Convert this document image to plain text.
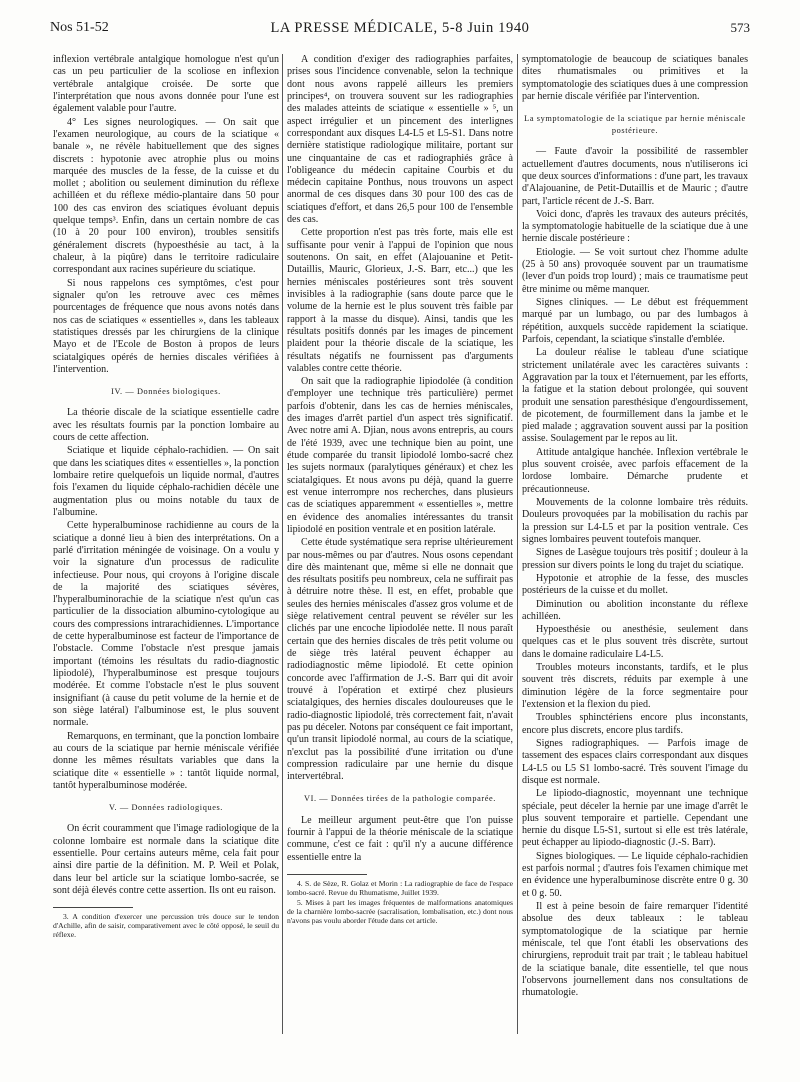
Nos 51-52	LA PRESSE MÉDICALE, 5-8 Juin 1940	573

inflexion vertébrale antalgique homologue n'est qu'un cas un peu particulier de la scoliose en inflexion vertébrale antalgique croisée. De sorte que l'interprétation que nous avons donnée pour l'une est également valable pour l'autre.

4° Les signes neurologiques. — On sait que l'examen neurologique, au cours de la sciatique « banale », ne révèle habituellement que des signes discrets : hypotonie avec atrophie plus ou moins marquée des muscles de la fesse, de la cuisse et du mollet ; abolition ou seulement diminution du réflexe achilléen et du réflexe médio-plantaire dans 50 pour 100 des cas environ des sciatiques évoluant depuis quelque temps³. Enfin, dans un certain nombre de cas (10 à 20 pour 100 environ), troubles sensitifs généralement discrets (hypoesthésie au tact, à la chaleur, à la piqûre) dans le territoire radiculaire correspondant aux racines supérieure du sciatique.

Si nous rappelons ces symptômes, c'est pour signaler qu'on les retrouve avec ces mêmes pourcentages de fréquence que nous avons notés dans nos cas de sciatiques « essentielles », dans les tableaux statistiques dressés par les chirurgiens de la clinique Mayo et de l'Ecole de Boston à propos de leurs sciatalgiques opérés de hernies discales vérifiées à l'intervention.

IV. — Données biologiques.

La théorie discale de la sciatique essentielle cadre avec les résultats fournis par la ponction lombaire au cours de cette affection.

Sciatique et liquide céphalo-rachidien. — On sait que dans les sciatiques dites « essentielles », la ponction lombaire retire quelquefois un liquide normal, d'autres fois l'examen du liquide céphalo-rachidien décèle une augmentation plus ou moins notable du taux de l'albumine.

Cette hyperalbuminose rachidienne au cours de la sciatique a donné lieu à bien des interprétations. On a parlé d'irritation méningée de voisinage. On a voulu y voir la signature d'un processus de radiculite infectieuse. Pour nous, qui croyons à l'origine discale de la majorité des sciatiques sévères, l'hyperalbuminorachie de la sciatique n'est qu'un cas particulier de la dissociation albumino-cytologique au cours des compressions intrarachidiennes. L'importance de cette hyperalbuminose est facteur de l'importance de l'obstacle. Comme l'obstacle n'est presque jamais important (témoins les résultats du radio-diagnostic lipiodolé), l'hyperalbuminose est presque toujours modérée. Et comme l'obstacle n'est le plus souvent insignifiant (à cause du petit volume de la hernie et de son siège latéral) l'albuminose est, le plus souvent normale.

Remarquons, en terminant, que la ponction lombaire au cours de la sciatique par hernie méniscale vérifiée donne les mêmes résultats variables que dans la sciatique dite « essentielle » : tantôt liquide normal, tantôt hyperalbuminose modérée.

V. — Données radiologiques.

On écrit couramment que l'image radiologique de la colonne lombaire est normale dans la sciatique dite essentielle. Pour certains auteurs même, cela fait pour ainsi dire partie de la définition. M. P. Weil et Polak, dans leur bel article sur la sciatique lombo-sacrée, se sont déjà élevés contre cette assertion. Ils ont eu raison.

3. A condition d'exercer une percussion très douce sur le tendon d'Achille, afin de saisir, comparativement avec le côté opposé, le seuil du réflexe.

A condition d'exiger des radiographies parfaites, prises sous l'incidence convenable, selon la technique dont nous avons rappelé ailleurs les premiers principes⁴, on trouvera souvent sur les radiographies des malades atteints de sciatique « essentielle » ⁵, un aspect irrégulier et un pincement des interlignes correspondant aux disques L4-L5 et L5-S1. Dans notre dernière statistique radiologique militaire, portant sur une cinquantaine de cas et radiographiés grâce à l'obligeance du médecin capitaine Courbis et du médecin capitaine Ponthus, nous trouvons un aspect anormal de ces disques dans 30 pour 100 des cas de sciatiques d'effort, et dans 26,5 pour 100 de l'ensemble des cas.

Cette proportion n'est pas très forte, mais elle est suffisante pour venir à l'appui de l'opinion que nous soutenons. On sait, en effet (Alajouanine et Petit-Dutaillis, Mauric, Glorieux, J.-S. Barr, etc...) que les hernies méniscales postérieures sont très souvent invisibles à la radiographie (sans doute parce que le volume de la hernie est le plus souvent très faible par rapport à la masse du disque). Ainsi, tandis que les résultats positifs donnés par les images de pincement plaident pour la théorie discale de la sciatique, les résultats négatifs ne fournissent pas d'arguments valables contre cette théorie.

On sait que la radiographie lipiodolée (à condition d'employer une technique très particulière) permet parfois d'obtenir, dans les cas de hernies méniscales, des images d'arrêt partiel d'un aspect très significatif. Avec notre ami A. Djian, nous avons entrepris, au cours de l'été 1939, avec une technique bien au point, une étude comparée du transit lipiodolé lombo-sacré chez les sujets normaux (paralytiques généraux) et chez les sciatalgiques. Et nous avons pu déjà, quand la guerre est venue interrompre nos recherches, dans plusieurs cas de sciatiques apparemment « essentielles », mettre en évidence des anomalies intéressantes du transit lipiodolé en position ventrale et en position latérale.

Cette étude systématique sera reprise ultérieurement par nous-mêmes ou par d'autres. Nous osons cependant dire dès maintenant que, même si elle ne donnait que des résultats positifs peu nombreux, cela ne suffirait pas à détruire notre thèse. Il est, en effet, probable que seules des hernies méniscales d'assez gros volume et de siège relativement central peuvent se révéler sur les clichés par une encoche lipiodolée nette. Il nous paraît certain que des hernies discales de très petit volume ou de siège très latéral peuvent échapper au radiodiagnostic même lipiodolé. Et cette opinion concorde avec l'affirmation de J.-S. Barr qui dit avoir trouvé à l'opération et extirpé chez plusieurs sciatalgiques, des hernies discales douloureuses que le radio-diagnostic lipiodolé, très correctement fait, n'avait pas pu déceler. Notons par conséquent ce fait important, qu'un transit lipiodolé normal, au cours de la sciatique, n'exclut pas la possibilité d'une irritation ou d'une compression radiculaire par une hernie du disque intervertébral.

VI. — Données tirées de la pathologie comparée.

Le meilleur argument peut-être que l'on puisse fournir à l'appui de la théorie méniscale de la sciatique commune, c'est ce fait : qu'il n'y a aucune différence essentielle entre la

4. S. de Sèze, R. Golaz et Morin : La radiographie de face de l'espace lombo-sacré. Revue du Rhumatisme, Juillet 1939.

5. Mises à part les images fréquentes de malformations anatomiques de la charnière lombo-sacrée (sacralisation, lombalisation, etc.) dont nous n'avons pas voulu aborder l'étude dans cet article.

symptomatologie de beaucoup de sciatiques banales dites rhumatismales ou primitives et la symptomatologie des sciatiques dues à une compression par hernie discale vérifiée par l'intervention.

La symptomatologie de la sciatique par hernie méniscale postérieure.

— Faute d'avoir la possibilité de rassembler actuellement d'autres documents, nous n'utiliserons ici que deux sources d'informations : d'une part, les travaux d'Alajouanine, de Petit-Dutaillis et de Mauric ; d'autre part, l'article récent de J.-S. Barr.

Voici donc, d'après les travaux des auteurs précités, la symptomatologie habituelle de la sciatique due à une hernie discale postérieure :

Etiologie. — Se voit surtout chez l'homme adulte (25 à 50 ans) provoquée souvent par un traumatisme (lever d'un poids trop lourd) ; mais ce traumatisme peut être minime ou même manquer.

Signes cliniques. — Le début est fréquemment marqué par un lumbago, ou par des lumbagos à répétition, auxquels succède rapidement la sciatique. Parfois, cependant, la sciatique s'installe d'emblée.

La douleur réalise le tableau d'une sciatique strictement unilatérale avec les caractères suivants : Aggravation par la toux et l'éternuement, par les efforts, la fatigue et la station debout prolongée, qui souvent produit une sensation paresthésique d'engourdissement, de picotement, de fourmillement dans la jambe et le pied malade ; aggravation souvent aussi par la position assise. Soulagement par le repos au lit.

Attitude antalgique hanchée. Inflexion vertébrale le plus souvent croisée, avec parfois effacement de la lordose lombaire. Démarche prudente et précautionneuse.

Mouvements de la colonne lombaire très réduits. Douleurs provoquées par la mobilisation du rachis par la pression sur L4-L5 et par la position ventrale. Ces signes lombaires peuvent toutefois manquer.

Signes de Lasègue toujours très positif ; douleur à la pression sur divers points le long du trajet du sciatique.

Hypotonie et atrophie de la fesse, des muscles postérieurs de la cuisse et du mollet.

Diminution ou abolition inconstante du réflexe achilléen.

Hypoesthésie ou anesthésie, seulement dans quelques cas et le plus souvent très discrète, surtout dans le domaine radiculaire L4-L5.

Troubles moteurs inconstants, tardifs, et le plus souvent très discrets, réduits par exemple à une diminution légère de la force segmentaire pour l'extension et la flexion du pied.

Troubles sphinctériens encore plus inconstants, encore plus discrets, encore plus tardifs.

Signes radiographiques. — Parfois image de tassement des espaces clairs correspondant aux disques L4-L5 ou L5 S1 lombo-sacré. Très souvent l'image du disque est normale.

Le lipiodo-diagnostic, moyennant une technique spéciale, peut déceler la hernie par une image d'arrêt le plus souvent temporaire et partielle. Cependant une hernie du disque L5-S1, surtout si elle est très latérale, peut échapper au lipiodo-diagnostic (J.-S. Barr).

Signes biologiques. — Le liquide céphalo-rachidien est parfois normal ; d'autres fois l'examen chimique met en évidence une hyperalbuminose discrète entre 0 g. 30 et 0 g. 50.

Il est à peine besoin de faire remarquer l'identité absolue des deux tableaux : le tableau symptomatologique de la sciatique par hernie méniscale, tel que l'ont établi les observations des chirurgiens, reproduit trait par trait ; le tableau habituel de la sciatique banale, dite essentielle, tel que nous l'observons journellement dans nos consultations de rhumatologie.
